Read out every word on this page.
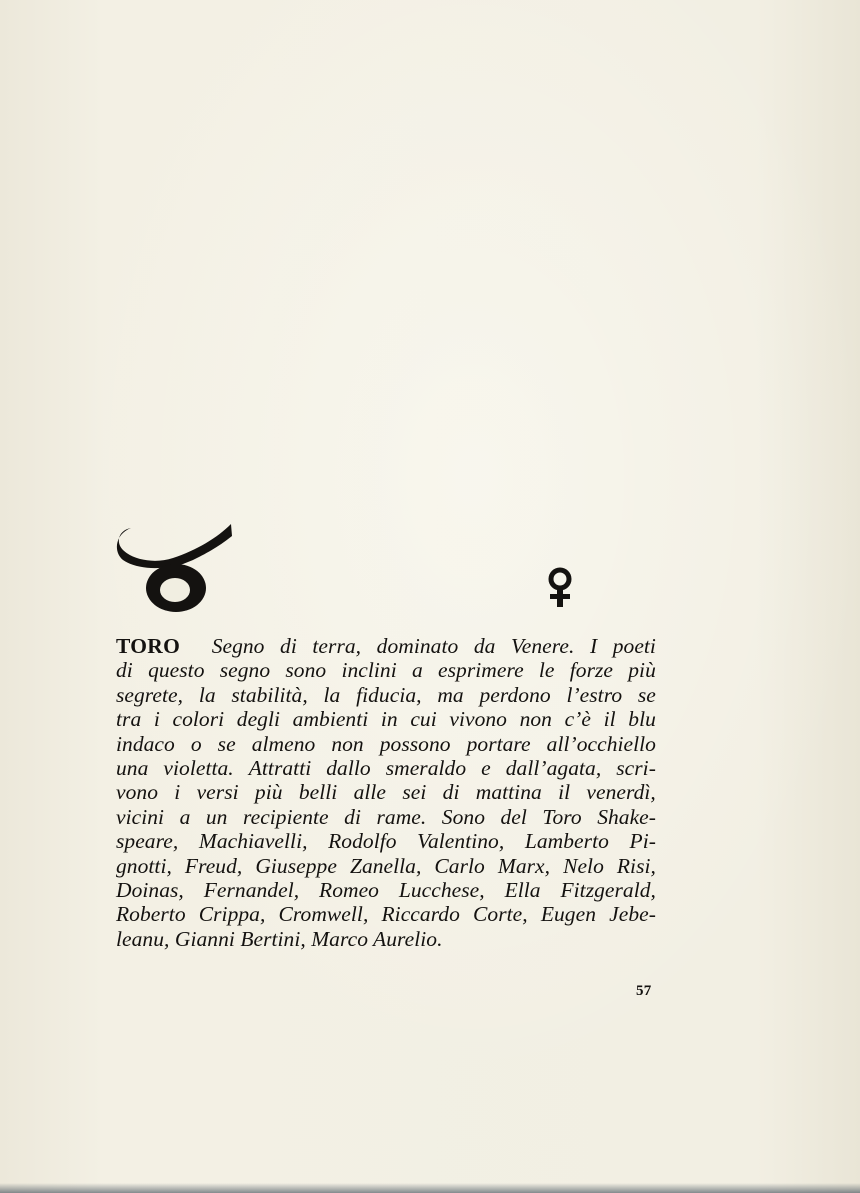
TORO Segno di terra, dominato da Venere. I poeti
di questo segno sono inclini a esprimere le forze più
segrete, la stabilità, la fiducia, ma perdono l’estro se
tra i colori degli ambienti in cui vivono non c’è il blu
indaco o se almeno non possono portare all’occhiello
una violetta. Attratti dallo smeraldo e dall’agata, scri-
vono i versi più belli alle sei di mattina il venerdì,
vicini a un recipiente di rame. Sono del Toro Shake-
speare, Machiavelli, Rodolfo Valentino, Lamberto Pi-
gnotti, Freud, Giuseppe Zanella, Carlo Marx, Nelo Risi,
Doinas, Fernandel, Romeo Lucchese, Ella Fitzgerald,
Roberto Crippa, Cromwell, Riccardo Corte, Eugen Jebe-
leanu, Gianni Bertini, Marco Aurelio.
57
